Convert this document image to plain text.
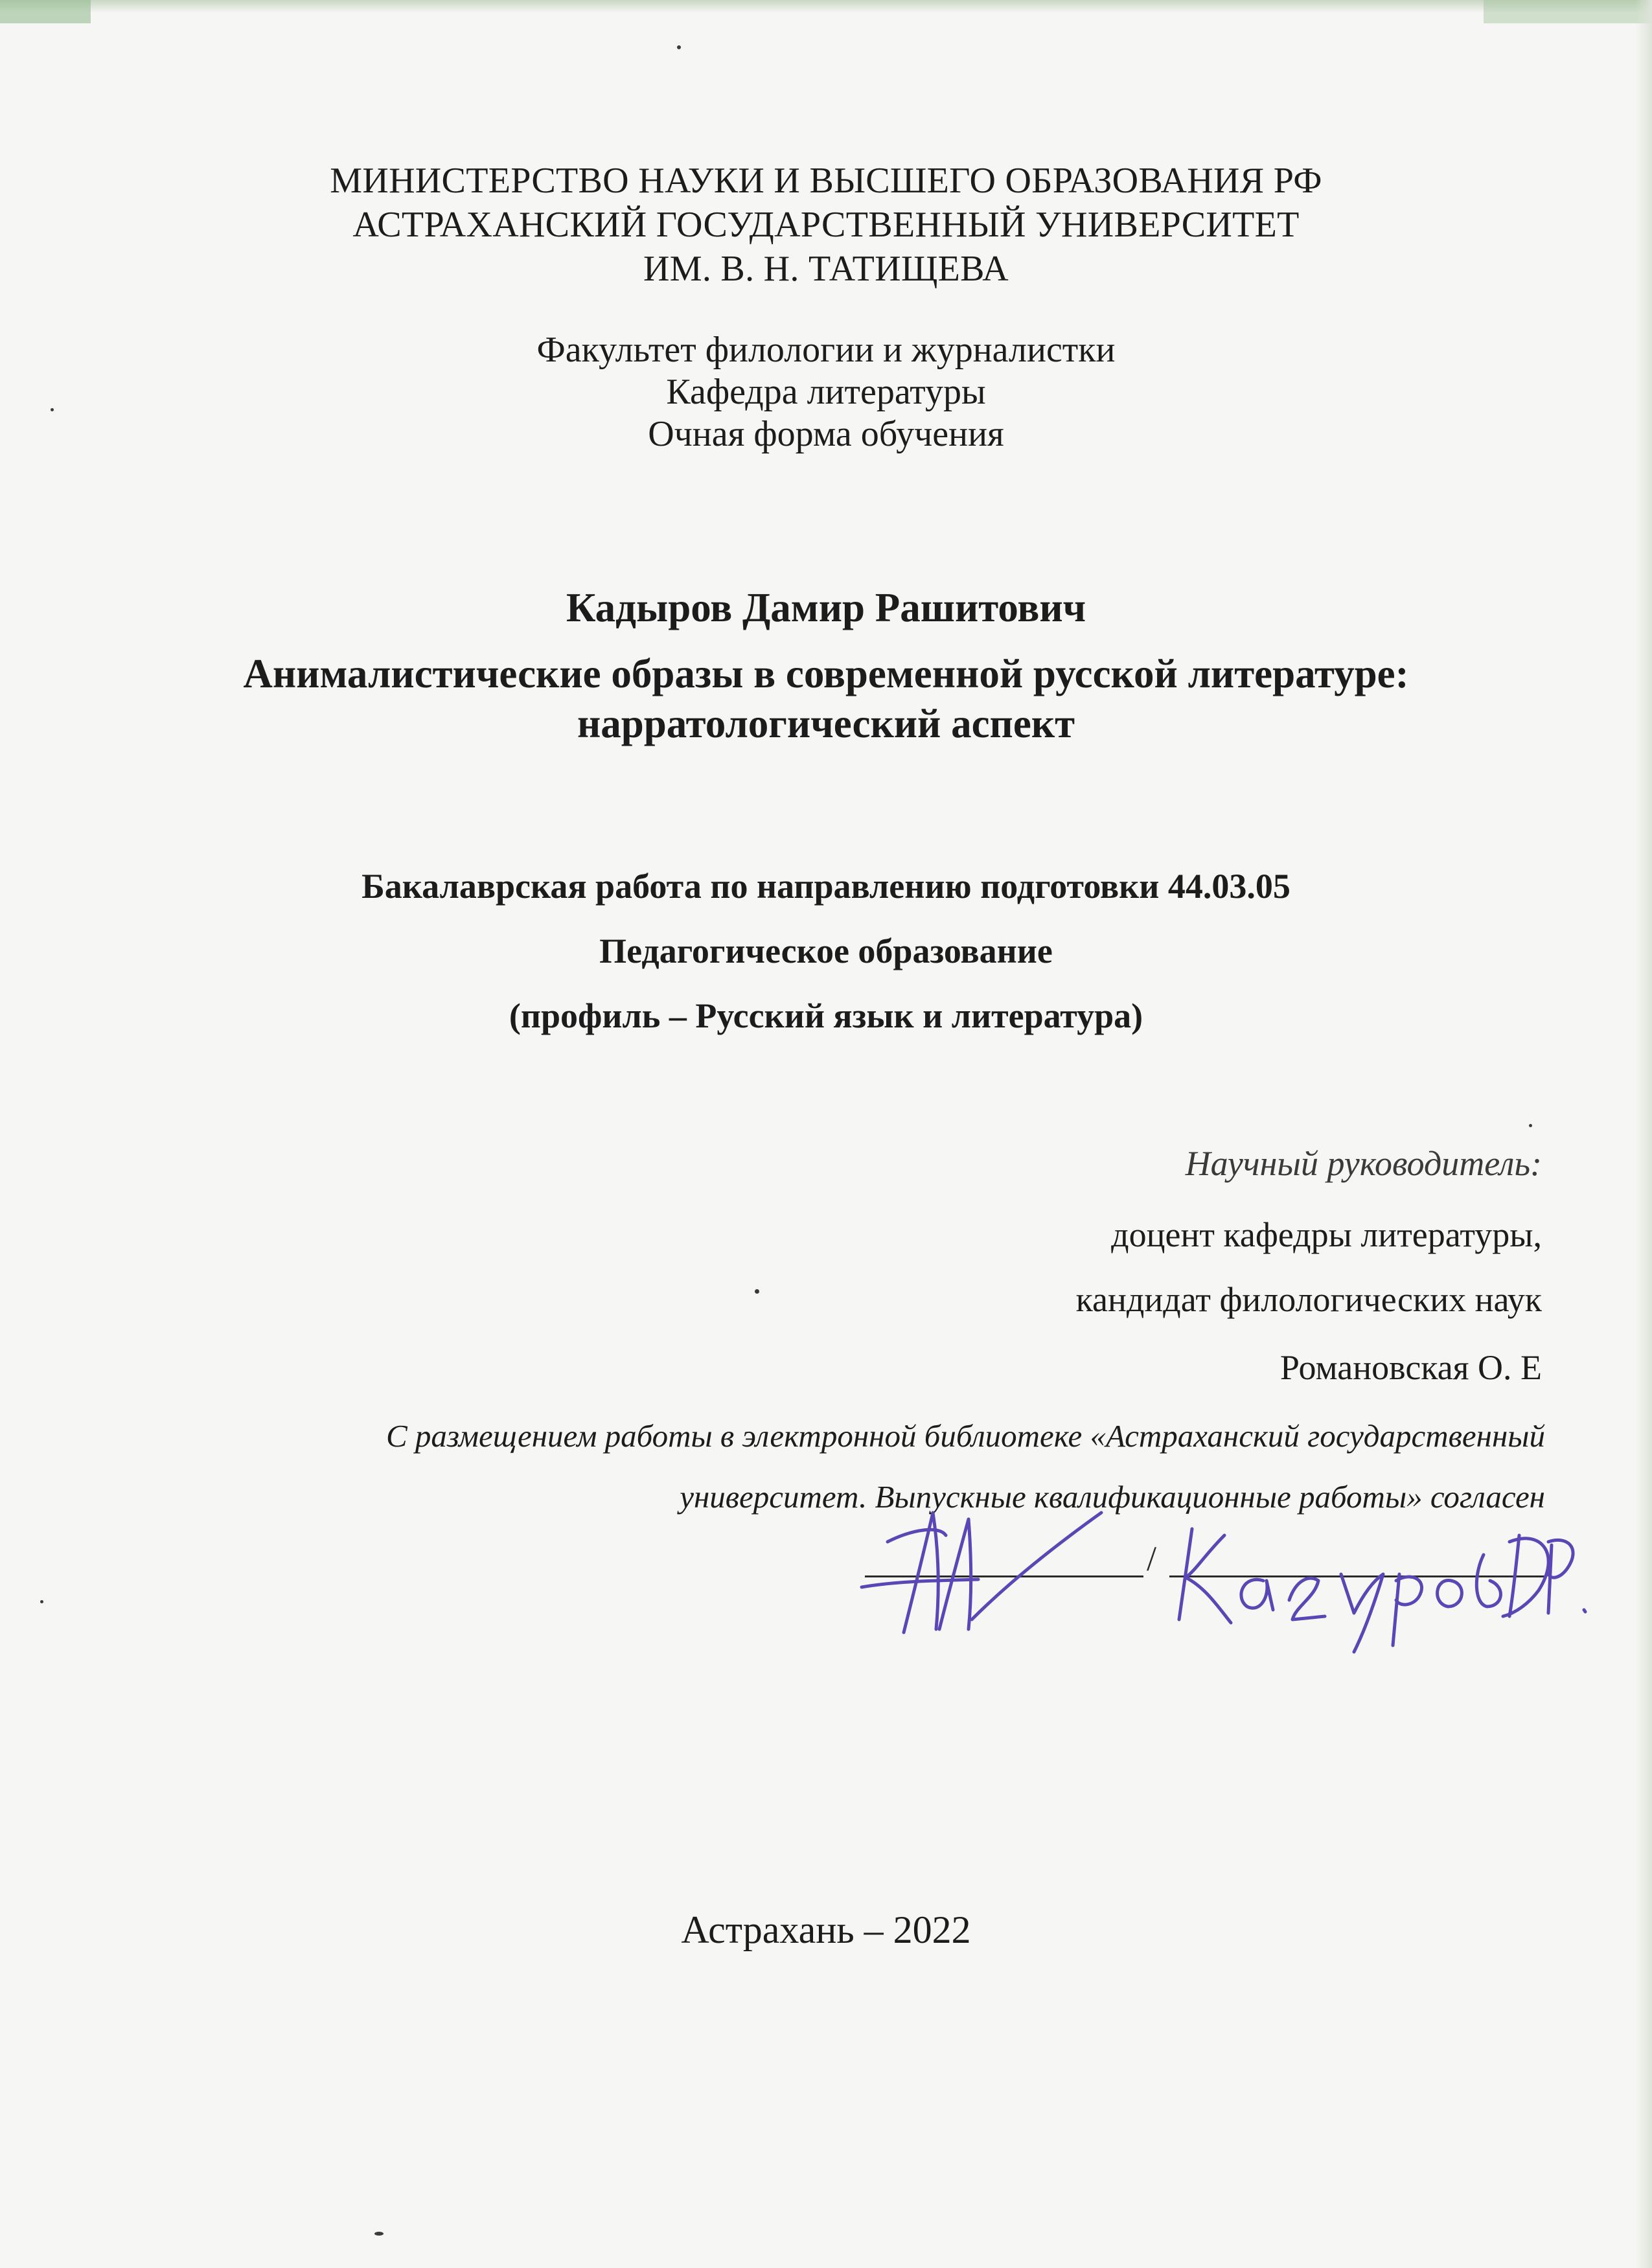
МИНИСТЕРСТВО НАУКИ И ВЫСШЕГО ОБРАЗОВАНИЯ РФ
АСТРАХАНСКИЙ ГОСУДАРСТВЕННЫЙ УНИВЕРСИТЕТ
ИМ. В. Н. ТАТИЩЕВА
Факультет филологии и журналистки
Кафедра литературы
Очная форма обучения
Кадыров Дамир Рашитович
Анималистические образы в современной русской литературе:
нарратологический аспект
Бакалаврская работа по направлению подготовки 44.03.05
Педагогическое образование
(профиль – Русский язык и литература)
Научный руководитель:
доцент кафедры литературы,
кандидат филологических наук
Романовская О. Е
С размещением работы в электронной библиотеке «Астраханский государственный
университет. Выпускные квалификационные работы» согласен
/
Астрахань – 2022
